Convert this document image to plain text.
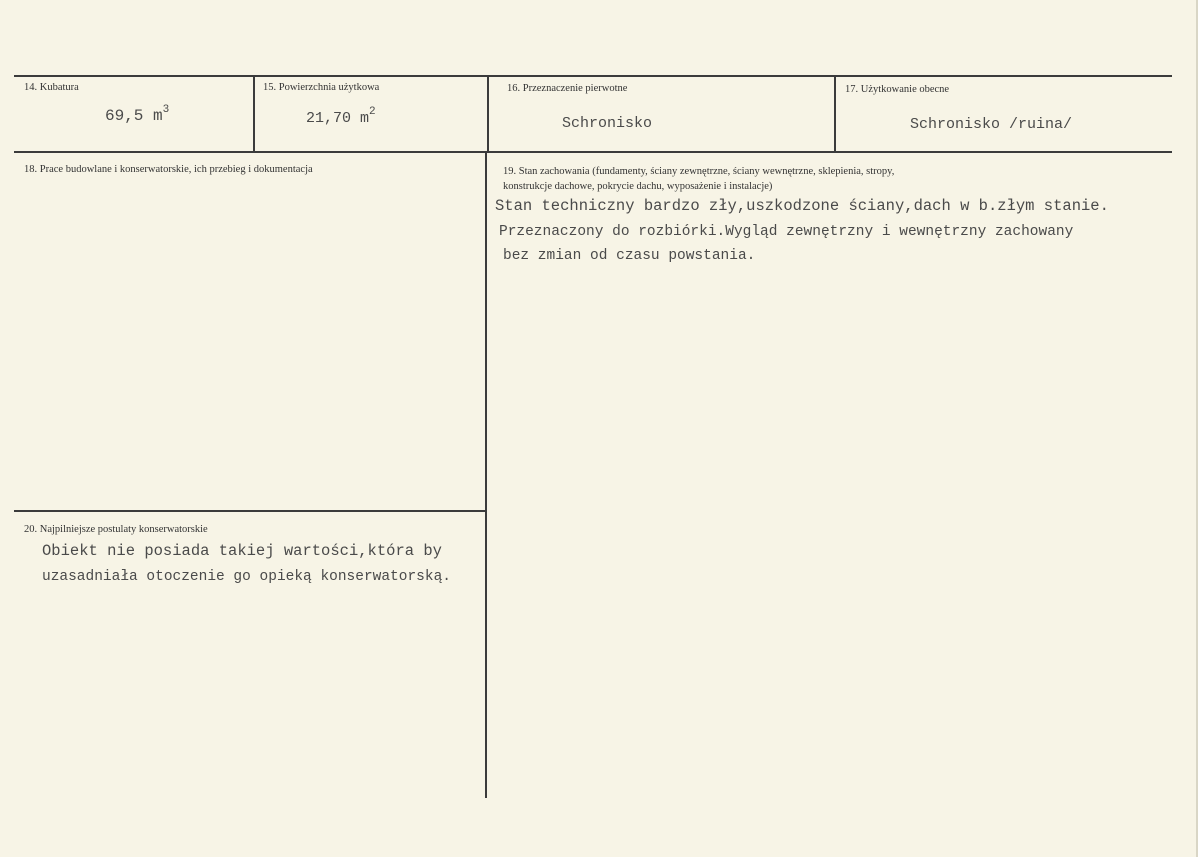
14. Kubatura
69,5 $m^3$
15. Powierzchnia użytkowa
21,70 $m^2$
16. Przeznaczenie pierwotne
Schronisko
17. Użytkowanie obecne
Schronisko /ruina/
18. Prace budowlane i konserwatorskie, ich przebieg i dokumentacja	19. Stan zachowania (fundamenty, ściany zewnętrzne, ściany wewnętrzne, sklepienia, stropy,
konstrukcje dachowe, pokrycie dachu, wyposażenie i instalacje)
Stan techniczny bardzo zły,uszkodzone ściany,dach w b.złym stanie.
Przeznaczony do rozbiórki.Wygląd zewnętrzny i wewnętrzny zachowany
bez zmian od czasu powstania.
20. Najpilniejsze postulaty konserwatorskie
Obiekt nie posiada takiej wartości,która by
uzasadniała otoczenie go opieką konserwatorską.
